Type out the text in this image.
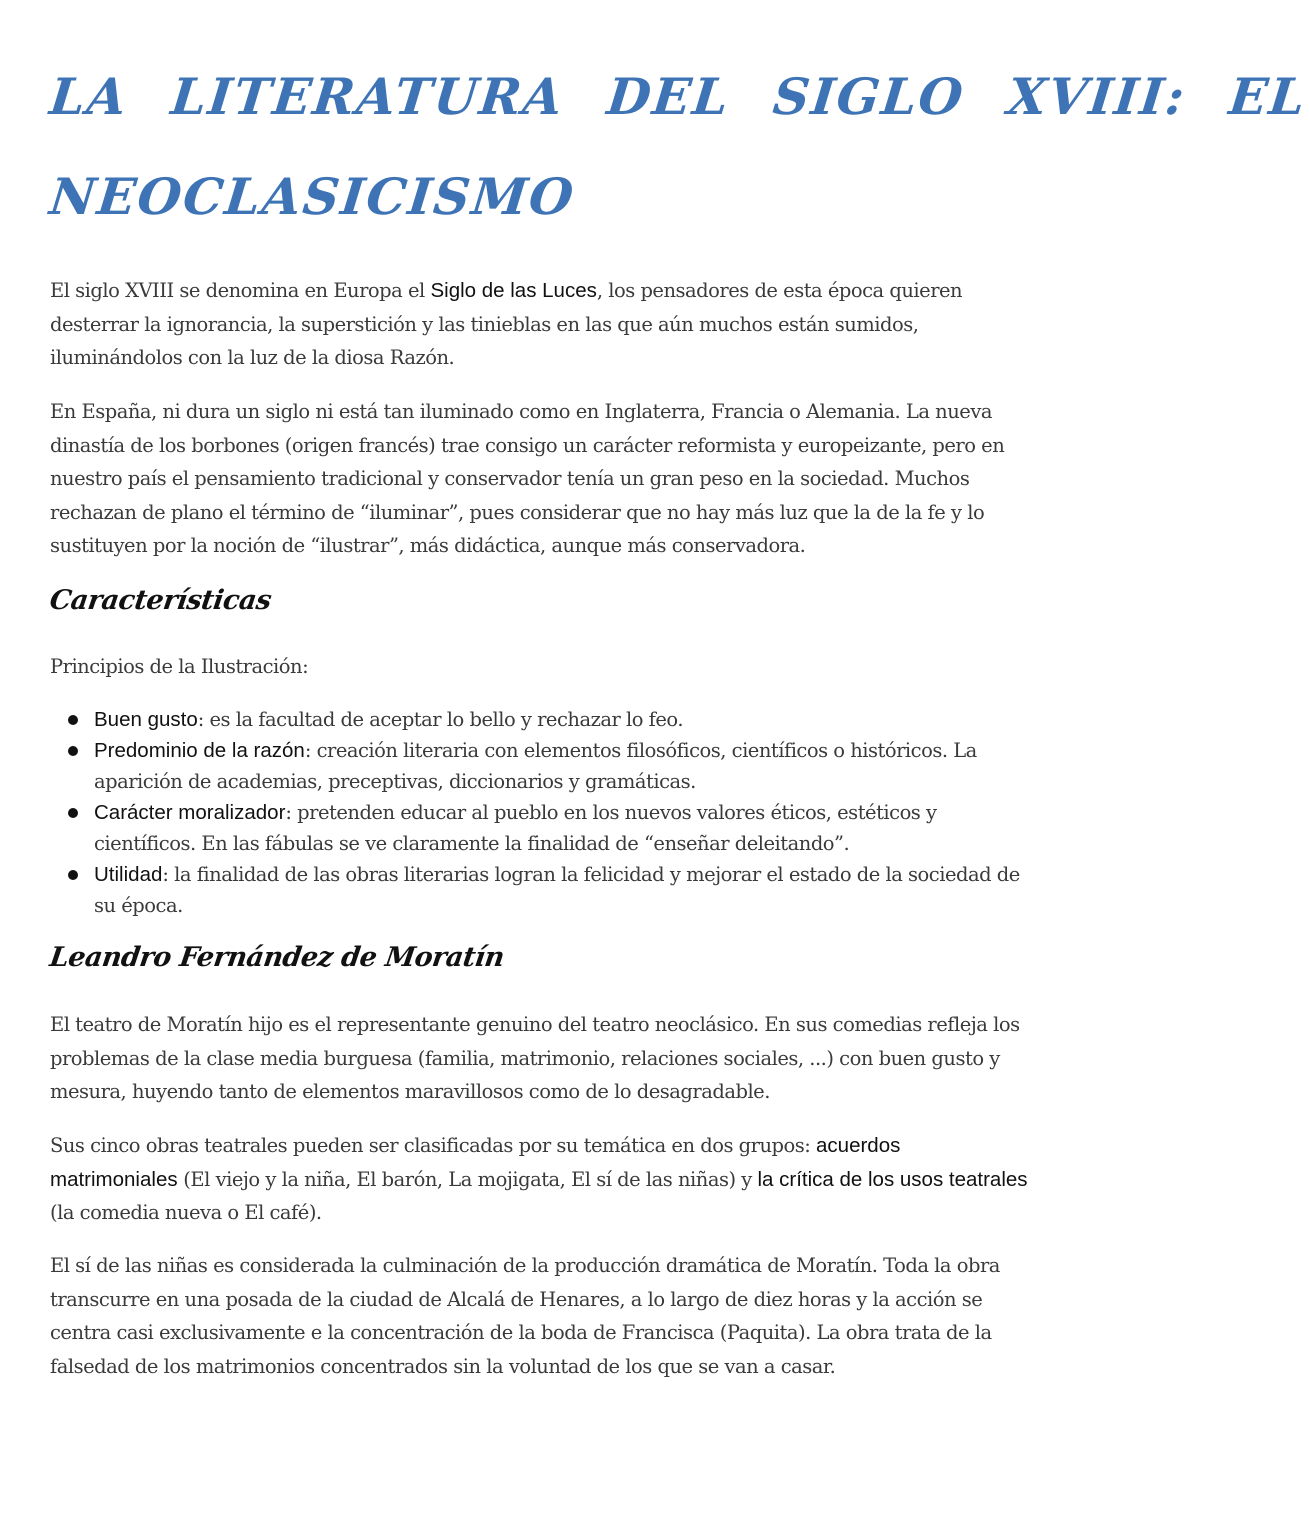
LA LITERATURA DEL SIGLO XVIII: EL
NEOCLASICISMO

El siglo XVIII se denomina en Europa el Siglo de las Luces, los pensadores de esta época quieren desterrar la ignorancia, la superstición y las tinieblas en las que aún muchos están sumidos, iluminándolos con la luz de la diosa Razón.

En España, ni dura un siglo ni está tan iluminado como en Inglaterra, Francia o Alemania. La nueva dinastía de los borbones (origen francés) trae consigo un carácter reformista y europeizante, pero en nuestro país el pensamiento tradicional y conservador tenía un gran peso en la sociedad. Muchos rechazan de plano el término de “iluminar”, pues considerar que no hay más luz que la de la fe y lo sustituyen por la noción de “ilustrar”, más didáctica, aunque más conservadora.

Características

Principios de la Ilustración:

Buen gusto: es la facultad de aceptar lo bello y rechazar lo feo.
Predominio de la razón: creación literaria con elementos filosóficos, científicos o históricos. La aparición de academias, preceptivas, diccionarios y gramáticas.
Carácter moralizador: pretenden educar al pueblo en los nuevos valores éticos, estéticos y científicos. En las fábulas se ve claramente la finalidad de “enseñar deleitando”.
Utilidad: la finalidad de las obras literarias logran la felicidad y mejorar el estado de la sociedad de su época.
Leandro Fernández de Moratín

El teatro de Moratín hijo es el representante genuino del teatro neoclásico. En sus comedias refleja los problemas de la clase media burguesa (familia, matrimonio, relaciones sociales, ...) con buen gusto y mesura, huyendo tanto de elementos maravillosos como de lo desagradable.

Sus cinco obras teatrales pueden ser clasificadas por su temática en dos grupos: acuerdos matrimoniales (El viejo y la niña, El barón, La mojigata, El sí de las niñas) y la crítica de los usos teatrales (la comedia nueva o El café).

El sí de las niñas es considerada la culminación de la producción dramática de Moratín. Toda la obra transcurre en una posada de la ciudad de Alcalá de Henares, a lo largo de diez horas y la acción se centra casi exclusivamente e la concentración de la boda de Francisca (Paquita). La obra trata de la falsedad de los matrimonios concentrados sin la voluntad de los que se van a casar.
